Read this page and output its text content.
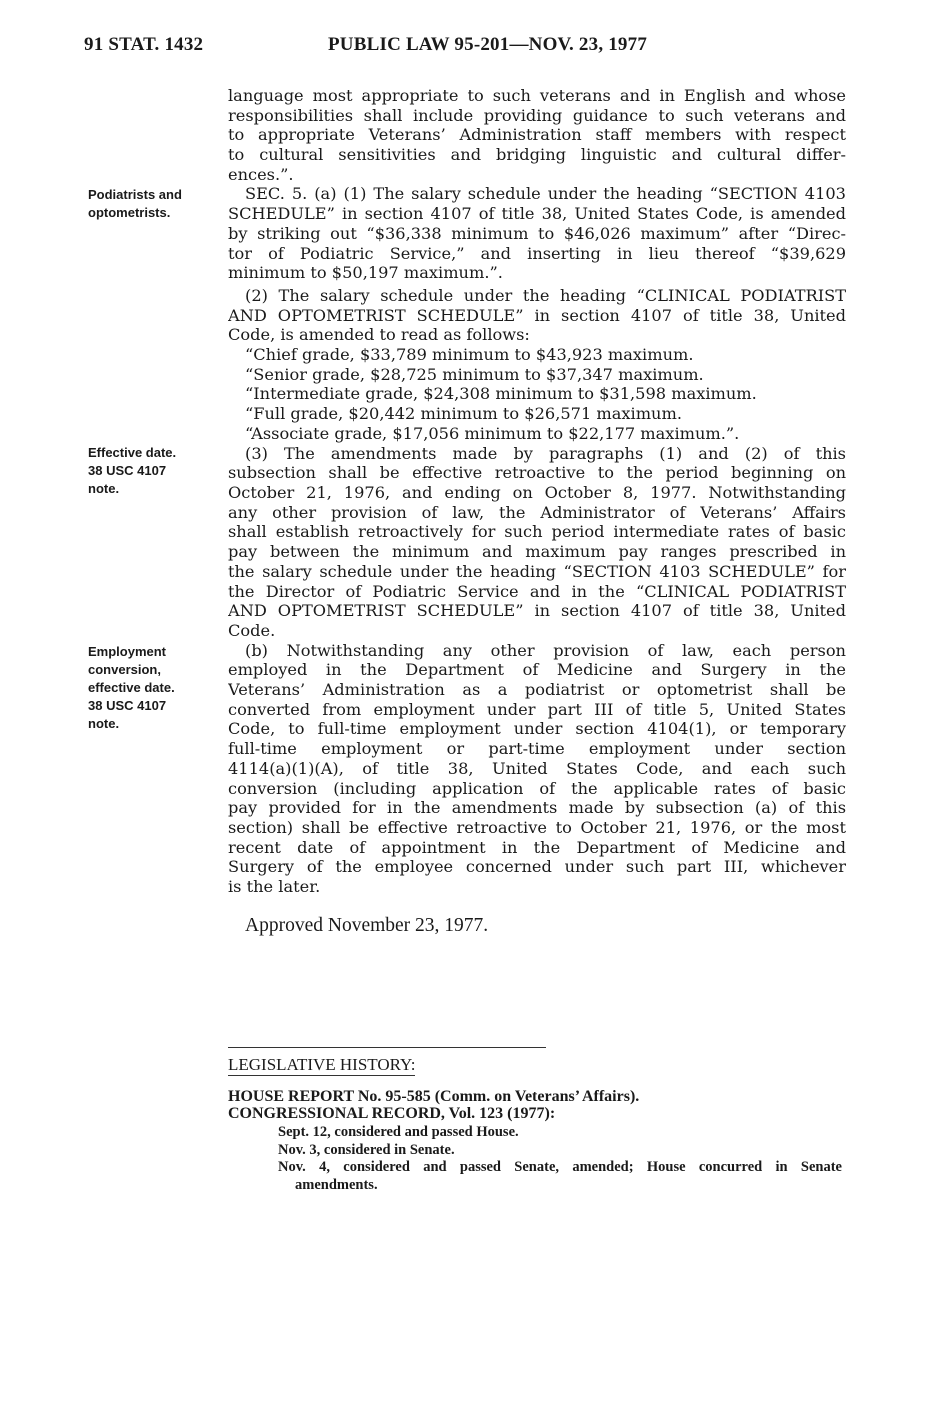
91 STAT. 1432	PUBLIC LAW 95-201—NOV. 23, 1977
language most appropriate to such veterans and in English and whose
responsibilities shall include providing guidance to such veterans and
to appropriate Veterans’ Administration staff members with respect
to cultural sensitivities and bridging linguistic and cultural differ-
ences.”.
SEC. 5. (a) (1) The salary schedule under the heading “SECTION 4103
SCHEDULE” in section 4107 of title 38, United States Code, is amended
by striking out “$36,338 minimum to $46,026 maximum” after “Direc-
tor of Podiatric Service,” and inserting in lieu thereof “$39,629
minimum to $50,197 maximum.”.
(2) The salary schedule under the heading “CLINICAL PODIATRIST
AND OPTOMETRIST SCHEDULE” in section 4107 of title 38, United
Code, is amended to read as follows:
“Chief grade, $33,789 minimum to $43,923 maximum.
“Senior grade, $28,725 minimum to $37,347 maximum.
“Intermediate grade, $24,308 minimum to $31,598 maximum.
“Full grade, $20,442 minimum to $26,571 maximum.
“Associate grade, $17,056 minimum to $22,177 maximum.”.
(3) The amendments made by paragraphs (1) and (2) of this
subsection shall be effective retroactive to the period beginning on
October 21, 1976, and ending on October 8, 1977. Notwithstanding
any other provision of law, the Administrator of Veterans’ Affairs
shall establish retroactively for such period intermediate rates of basic
pay between the minimum and maximum pay ranges prescribed in
the salary schedule under the heading “SECTION 4103 SCHEDULE” for
the Director of Podiatric Service and in the “CLINICAL PODIATRIST
AND OPTOMETRIST SCHEDULE” in section 4107 of title 38, United
Code.
(b) Notwithstanding any other provision of law, each person
employed in the Department of Medicine and Surgery in the
Veterans’ Administration as a podiatrist or optometrist shall be
converted from employment under part III of title 5, United States
Code, to full-time employment under section 4104(1), or temporary
full-time employment or part-time employment under section
4114(a)(1)(A), of title 38, United States Code, and each such
conversion (including application of the applicable rates of basic
pay provided for in the amendments made by subsection (a) of this
section) shall be effective retroactive to October 21, 1976, or the most
recent date of appointment in the Department of Medicine and
Surgery of the employee concerned under such part III, whichever
is the later.
Podiatrists and
optometrists.
Effective date.
38 USC 4107
note.
Employment
conversion,
effective date.
38 USC 4107
note.
Approved November 23, 1977.
LEGISLATIVE HISTORY:
HOUSE REPORT No. 95-585 (Comm. on Veterans’ Affairs).
CONGRESSIONAL RECORD, Vol. 123 (1977):
Sept. 12, considered and passed House.
Nov. 3, considered in Senate.
Nov. 4, considered and passed Senate, amended; House concurred in Senate
amendments.
